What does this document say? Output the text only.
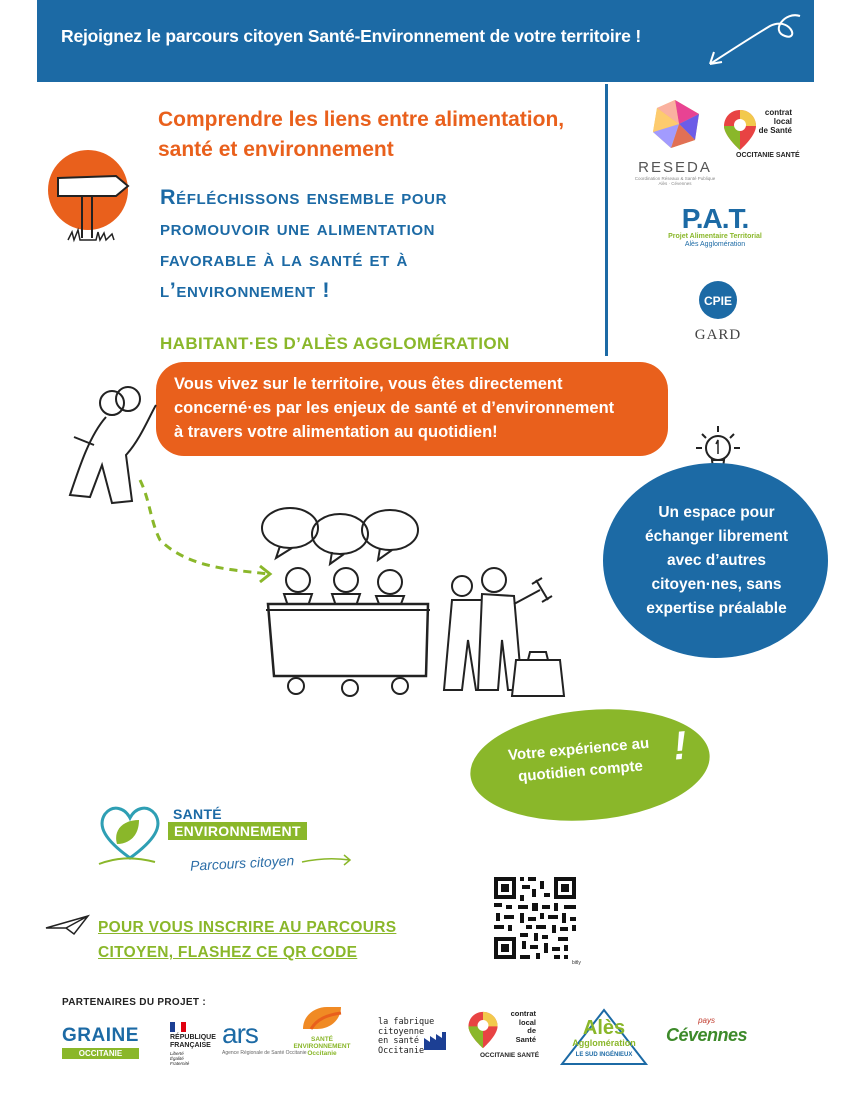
Rejoignez le parcours citoyen Santé-Environnement de votre territoire !
Comprendre les liens entre alimentation,
santé et environnement
Réfléchissons ensemble pour
promouvoir une alimentation
favorable à la santé et à
l’environnement !
HABITANT·ES D’ALÈS AGGLOMÉRATION
Vous vivez sur le territoire, vous êtes directement
concerné·es par les enjeux de santé et d’environnement
à travers votre alimentation au quotidien!
RESEDA
Coordination Réseaux & Santé Publique
Alès · Cévennes
contrat
local
de Santé
OCCITANIE SANTÉ
P.A.T.
Projet Alimentaire Territorial
Alès Agglomération
CPIE
GARD
Un espace pour
échanger librement
avec d’autres
citoyen·nes, sans
expertise préalable
Votre expérience au
quotidien compte
!
SANTÉ
ENVIRONNEMENT
Parcours citoyen
POUR VOUS INSCRIRE AU PARCOURS
CITOYEN, FLASHEZ CE QR CODE
bitly
PARTENAIRES DU PROJET :
GRAINE
OCCITANIE
RÉPUBLIQUE
FRANÇAISE
Liberté
Égalité
Fraternité
ars
Agence Régionale de Santé Occitanie
SANTÉ
ENVIRONNEMENT
Occitanie
la fabrique
citoyenne
en santé
Occitanie
contrat
local
de Santé
OCCITANIE SANTÉ
Alès
Agglomération
LE SUD INGÉNIEUX
pays
Cévennes
